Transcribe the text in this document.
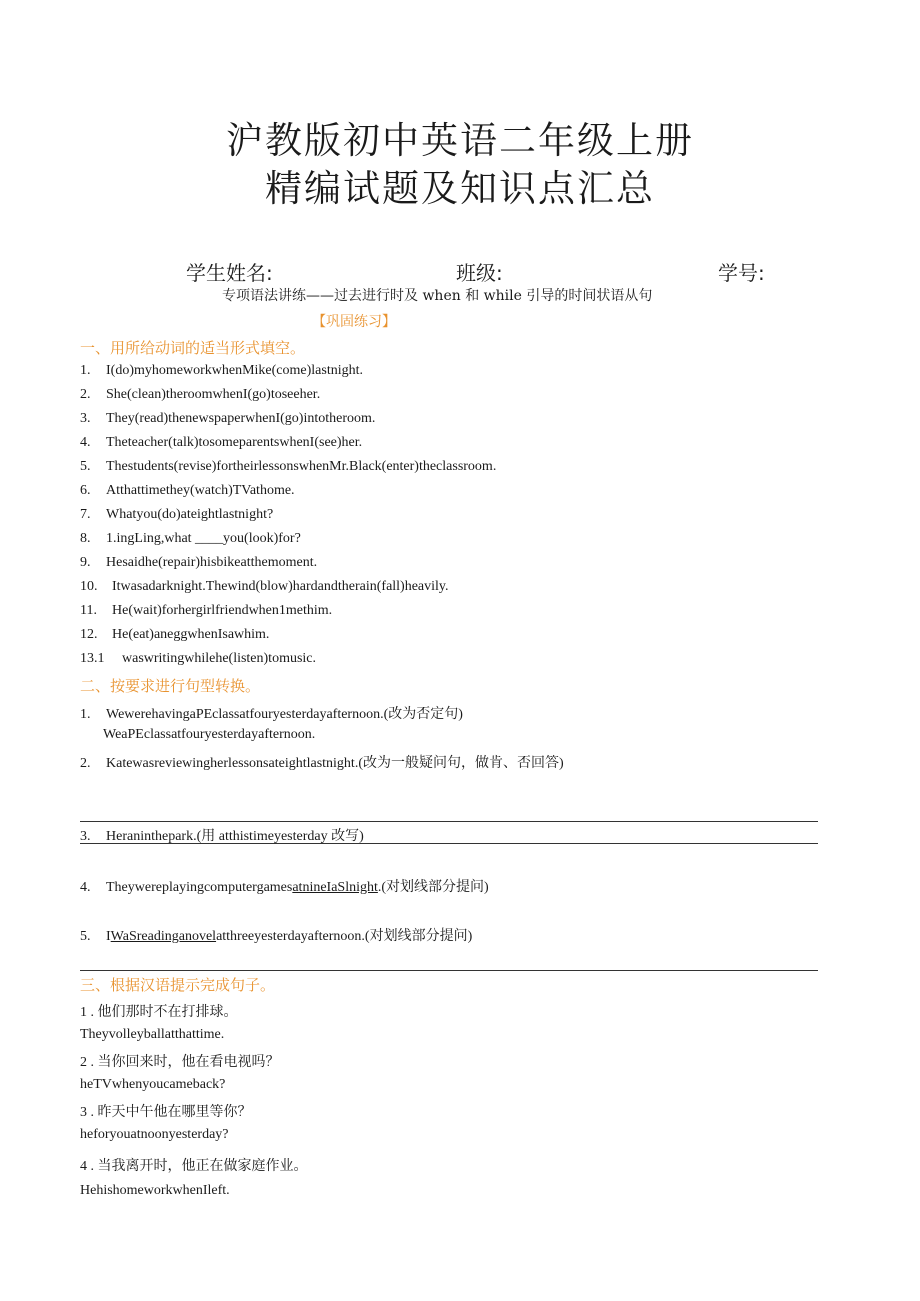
沪教版初中英语二年级上册
精编试题及知识点汇总
学生姓名:	班级:	学号:
专项语法讲练——过去进行时及 when 和 while 引导的时间状语从句
【巩固练习】
一、用所给动词的适当形式填空。
1. I(do)myhomeworkwhenMike(come)lastnight.
2. She(clean)theroomwhenI(go)toseeher.
3. They(read)thenewspaperwhenI(go)intotheroom.
4. Theteacher(talk)tosomeparentswhenI(see)her.
5. Thestudents(revise)fortheirlessonswhenMr.Black(enter)theclassroom.
6. Atthattimethey(watch)TVathome.
7. Whatyou(do)ateightlastnight?
8. 1.ingLing,what ____you(look)for?
9. Hesaidhe(repair)hisbikeatthemoment.
10. Itwasadarknight.Thewind(blow)hardandtherain(fall)heavily.
11. He(wait)forhergirlfriendwhen1methim.
12. He(eat)aneggwhenIsawhim.
13.1 waswritingwhilehe(listen)tomusic.
二、按要求进行句型转换。
1. WewerehavingaPEclassatfouryesterdayafternoon.(改为否定句)
WeaPEclassatfouryesterdayafternoon.
2. Katewasreviewingherlessonsateightlastnight.(改为一般疑问句，做肯、否回答)
3. Heraninthepark.(用 atthistimeyesterday 改写)
4. TheywereplayingcomputergamesatnineIaSlnight.(对划线部分提问)
5. IWaSreadinganovelatthreeyesterdayafternoon.(对划线部分提问)
三、根据汉语提示完成句子。
1 . 他们那时不在打排球。
Theyvolleyballatthattime.
2 . 当你回来时，他在看电视吗？
heTVwhenyoucameback?
3 . 昨天中午他在哪里等你？
heforyouatnoonyesterday?
4 . 当我离开时，他正在做家庭作业。
HehishomeworkwhenIleft.
